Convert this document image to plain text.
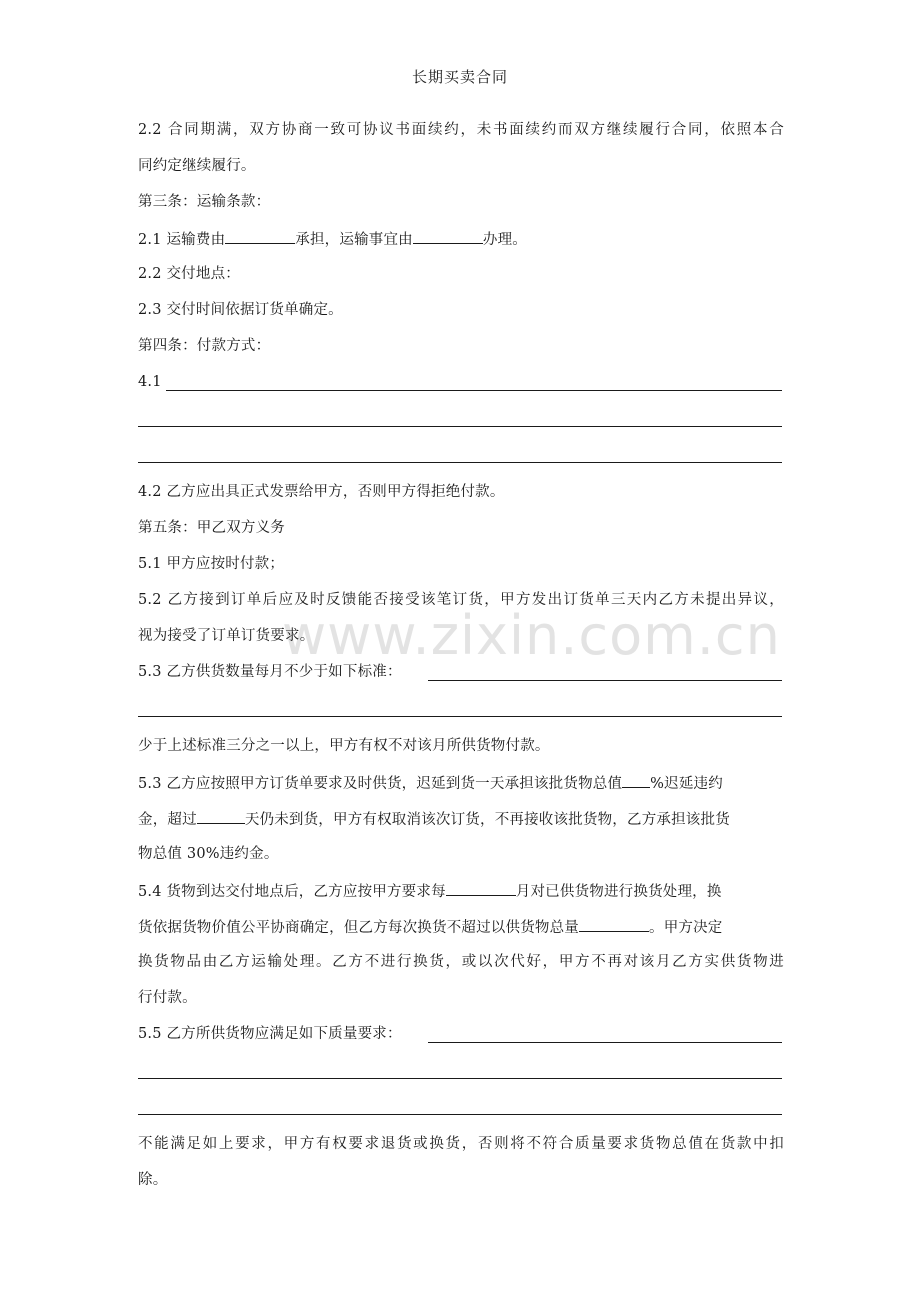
长期买卖合同
www.zixin.com.cn
2.2 合同期满，双方协商一致可协议书面续约，未书面续约而双方继续履行合同，依照本合
同约定继续履行。
第三条：运输条款：
2.1 运输费由	承担，运输事宜由	办理。
2.2 交付地点：
2.3 交付时间依据订货单确定。
第四条：付款方式：
4.1
4.2 乙方应出具正式发票给甲方，否则甲方得拒绝付款。
第五条：甲乙双方义务
5.1 甲方应按时付款；
5.2 乙方接到订单后应及时反馈能否接受该笔订货，甲方发出订货单三天内乙方未提出异议，
视为接受了订单订货要求。
5.3 乙方供货数量每月不少于如下标准：
少于上述标准三分之一以上，甲方有权不对该月所供货物付款。
5.3 乙方应按照甲方订货单要求及时供货，迟延到货一天承担该批货物总值 %迟延违约
金，超过	天仍未到货，甲方有权取消该次订货，不再接收该批货物，乙方承担该批货
物总值 30%违约金。
5.4 货物到达交付地点后，乙方应按甲方要求每	月对已供货物进行换货处理，换
货依据货物价值公平协商确定，但乙方每次换货不超过以供货物总量	。甲方决定
换货物品由乙方运输处理。乙方不进行换货，或以次代好，甲方不再对该月乙方实供货物进
行付款。
5.5 乙方所供货物应满足如下质量要求：
不能满足如上要求，甲方有权要求退货或换货，否则将不符合质量要求货物总值在货款中扣
除。
